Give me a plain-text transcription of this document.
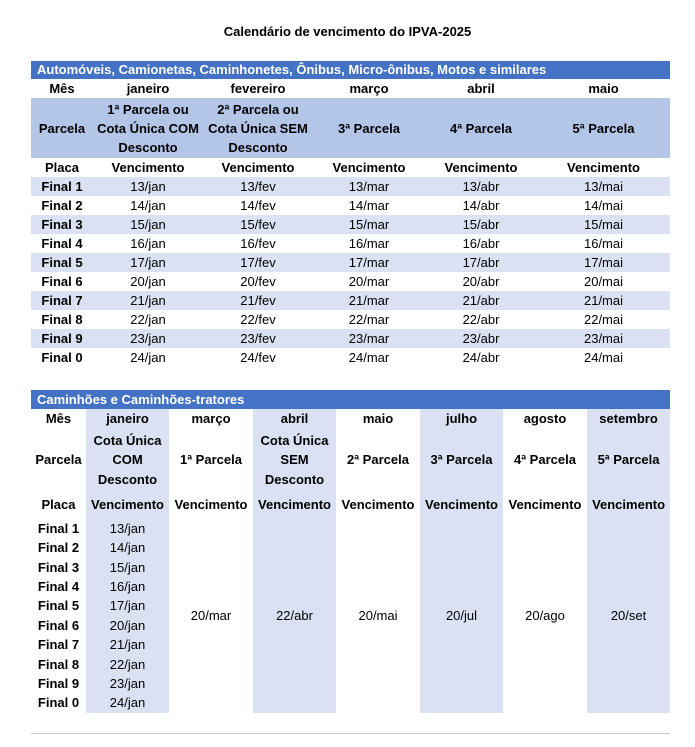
Calendário de vencimento do IPVA-2025
Automóveis, Camionetas, Caminhonetes, Ônibus, Micro-ônibus, Motos e similares					
Mês	janeiro	fevereiro	março	abril	maio
Parcela	1ª Parcela ou Cota Única COM Desconto	2ª Parcela ou Cota Única SEM Desconto	3ª Parcela	4ª Parcela	5ª Parcela
Placa	Vencimento	Vencimento	Vencimento	Vencimento	Vencimento
Final 1	13/jan	13/fev	13/mar	13/abr	13/mai
Final 2	14/jan	14/fev	14/mar	14/abr	14/mai
Final 3	15/jan	15/fev	15/mar	15/abr	15/mai
Final 4	16/jan	16/fev	16/mar	16/abr	16/mai
Final 5	17/jan	17/fev	17/mar	17/abr	17/mai
Final 6	20/jan	20/fev	20/mar	20/abr	20/mai
Final 7	21/jan	21/fev	21/mar	21/abr	21/mai
Final 8	22/jan	22/fev	22/mar	22/abr	22/mai
Final 9	23/jan	23/fev	23/mar	23/abr	23/mai
Final 0	24/jan	24/fev	24/mar	24/abr	24/mai
Caminhões e Caminhões-tratores							
Mês	janeiro	março	abril	maio	julho	agosto	setembro
Parcela	Cota Única COM Desconto	1ª Parcela	Cota Única SEM Desconto	2ª Parcela	3ª Parcela	4ª Parcela	5ª Parcela
Placa	Vencimento	Vencimento	Vencimento	Vencimento	Vencimento	Vencimento	Vencimento
Final 1	13/jan	20/mar	22/abr	20/mai	20/jul	20/ago	20/set
Final 2	14/jan						
Final 3	15/jan						
Final 4	16/jan						
Final 5	17/jan						
Final 6	20/jan						
Final 7	21/jan						
Final 8	22/jan						
Final 9	23/jan						
Final 0	24/jan						
